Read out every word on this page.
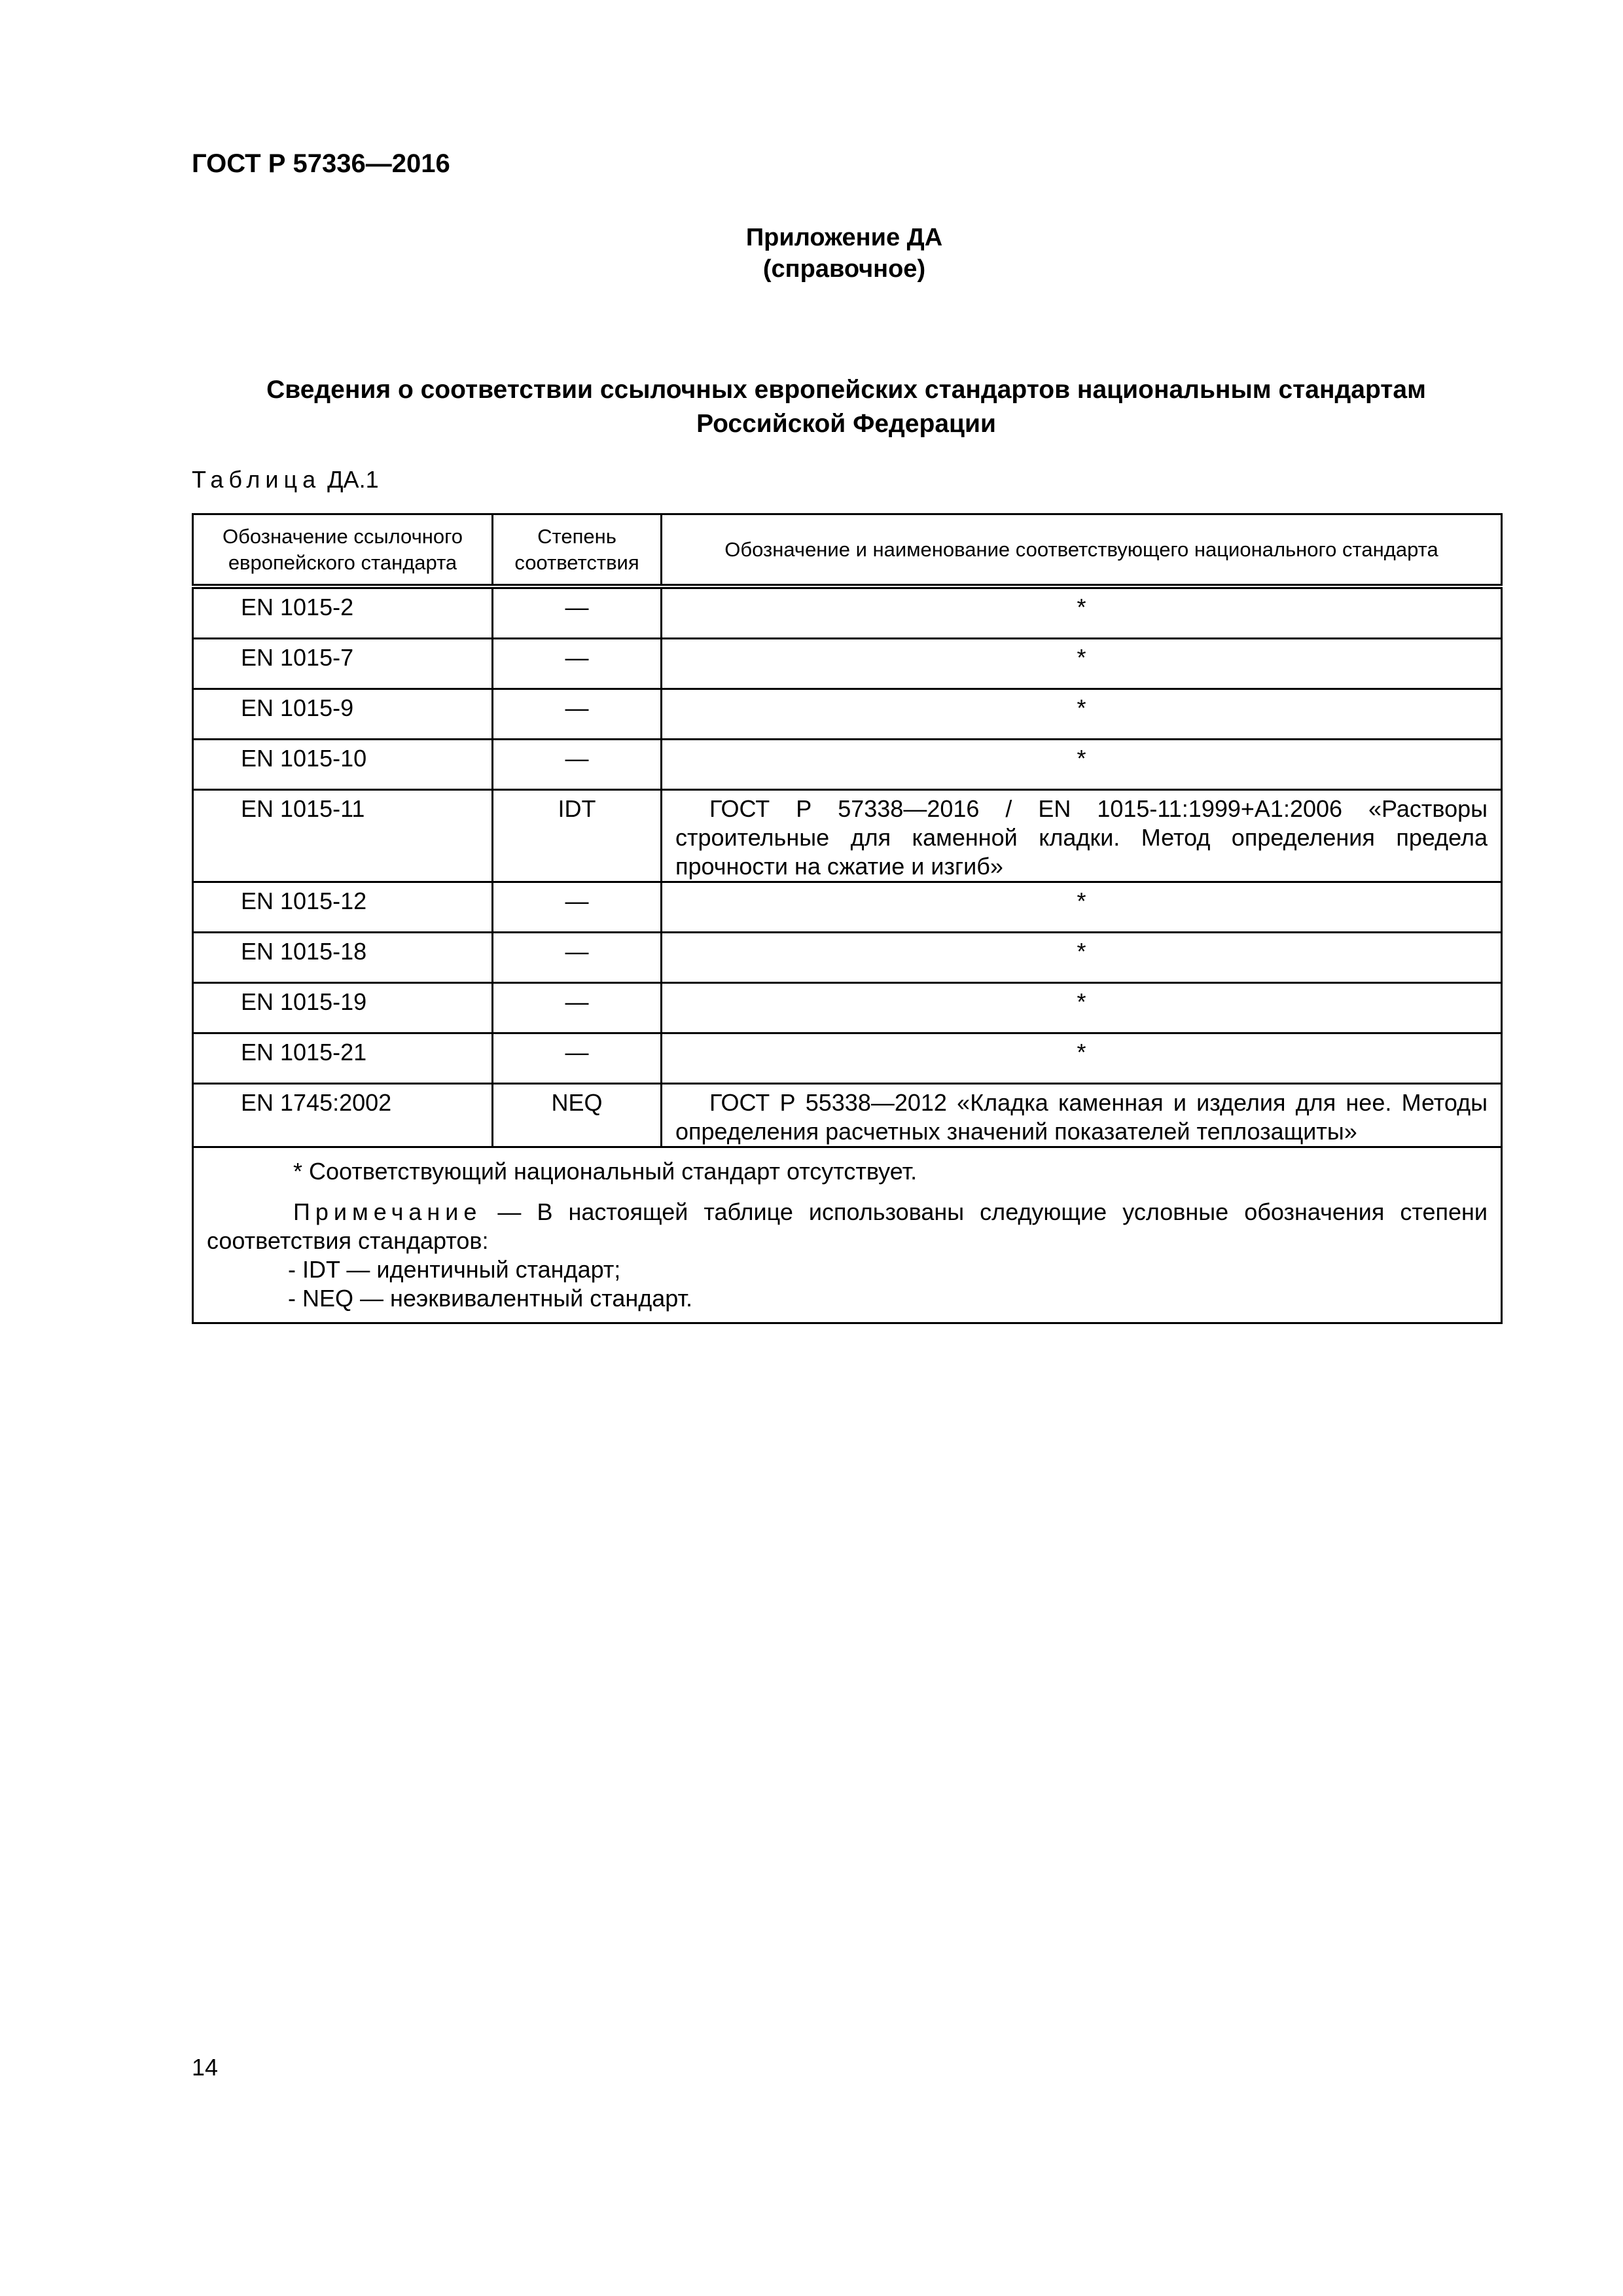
ГОСТ Р 57336—2016
Приложение ДА
(справочное)
Сведения о соответствии ссылочных европейских стандартов национальным стандартам
Российской Федерации
Таблица ДА.1
Обозначение ссылочного европейского стандарта	Степень соответствия	Обозначение и наименование соответствующего национального стандарта
EN 1015-2	—	*
EN 1015-7	—	*
EN 1015-9	—	*
EN 1015-10	—	*
EN 1015-11	IDT	ГОСТ Р 57338—2016 / EN 1015-11:1999+A1:2006 «Растворы строительные для каменной кладки. Метод определения предела прочности на сжатие и изгиб»
EN 1015-12	—	*
EN 1015-18	—	*
EN 1015-19	—	*
EN 1015-21	—	*
EN 1745:2002	NEQ	ГОСТ Р 55338—2012 «Кладка каменная и изделия для нее. Методы определения расчетных значений показателей теплозащиты»

* Соответствующий национальный стандарт отсутствует.

Примечание — В настоящей таблице использованы следующие условные обозначения степени соответствия стандартов:

- IDT — идентичный стандарт;

- NEQ — неэквивалентный стандарт.		

14
